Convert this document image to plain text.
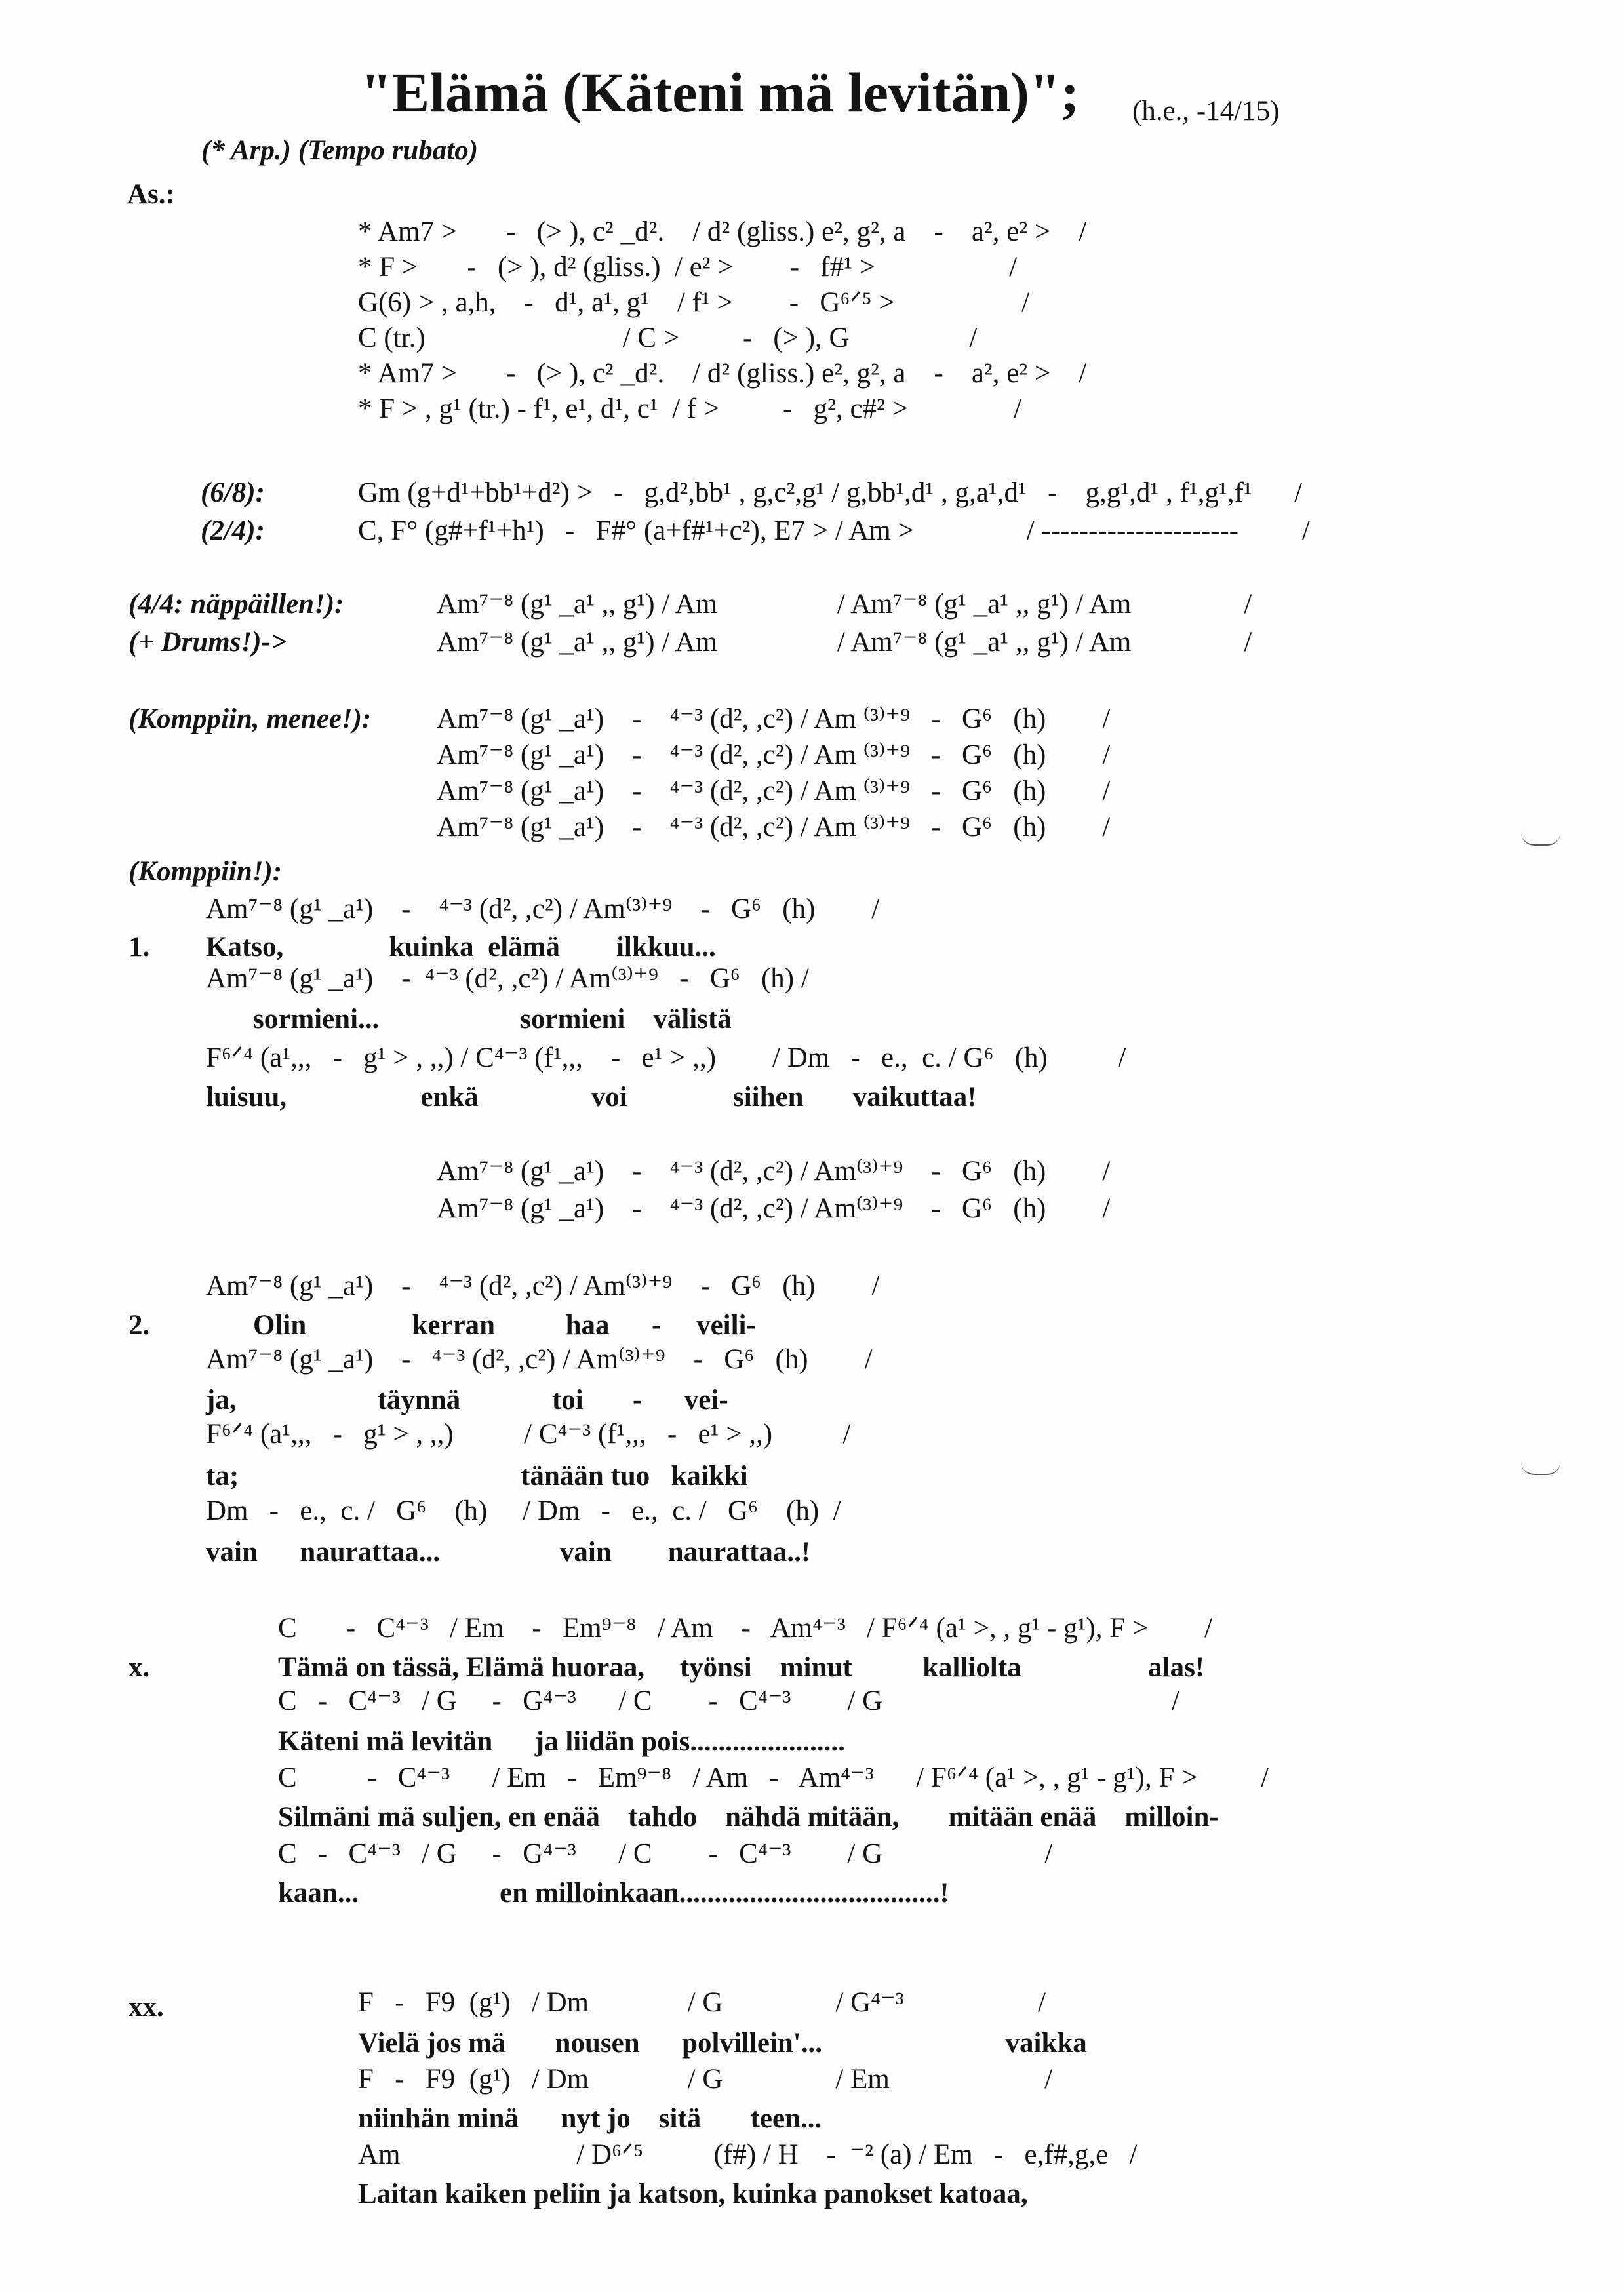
"Elämä (Käteni mä levitän)"; (h.e., -14/15)
(* Arp.) (Tempo rubato)
As.:
* Am7 >       -   (> ), c² _d².    / d² (gliss.) e², g², a    -    a², e² >    /
* F >       -   (> ), d² (gliss.)  / e² >        -   f#¹ >                   /
G(6) > , a,h,    -   d¹, a¹, g¹    / f¹ >        -   G⁶ᐟ⁵ >                  /
C (tr.)                            / C >         -   (> ), G                 /
* Am7 >       -   (> ), c² _d².    / d² (gliss.) e², g², a    -    a², e² >    /
* F > , g¹ (tr.) - f¹, e¹, d¹, c¹  / f >         -   g², c#² >               /
(6/8):	Gm (g+d¹+bb¹+d²) >   -   g,d²,bb¹ , g,c²,g¹ / g,bb¹,d¹ , g,a¹,d¹   -    g,g¹,d¹ , f¹,g¹,f¹      /
(2/4):	C, F° (g#+f¹+h¹)   -   F#° (a+f#¹+c²), E7 > / Am >                / ---------------------         /
(4/4: näppäillen!):	Am⁷⁻⁸ (g¹ _a¹ ,, g¹) / Am                 / Am⁷⁻⁸ (g¹ _a¹ ,, g¹) / Am                /
(+ Drums!)->	Am⁷⁻⁸ (g¹ _a¹ ,, g¹) / Am                 / Am⁷⁻⁸ (g¹ _a¹ ,, g¹) / Am                /
(Komppiin, menee!): Am⁷⁻⁸ (g¹ _a¹)    -    ⁴⁻³ (d², ,c²) / Am ⁽³⁾⁺⁹   -   G⁶   (h)        /
Am⁷⁻⁸ (g¹ _a¹)    -    ⁴⁻³ (d², ,c²) / Am ⁽³⁾⁺⁹   -   G⁶   (h)        /
Am⁷⁻⁸ (g¹ _a¹)    -    ⁴⁻³ (d², ,c²) / Am ⁽³⁾⁺⁹   -   G⁶   (h)        /
Am⁷⁻⁸ (g¹ _a¹)    -    ⁴⁻³ (d², ,c²) / Am ⁽³⁾⁺⁹   -   G⁶   (h)        /
(Komppiin!):
1.
Am⁷⁻⁸ (g¹ _a¹)    -    ⁴⁻³ (d², ,c²) / Am⁽³⁾⁺⁹    -   G⁶   (h)        /
Katso,               kuinka  elämä        ilkkuu...
Am⁷⁻⁸ (g¹ _a¹)    -  ⁴⁻³ (d², ,c²) / Am⁽³⁾⁺⁹   -   G⁶   (h) /
sormieni...                    sormieni    välistä
F⁶ᐟ⁴ (a¹,,,   -   g¹ > , ,,) / C⁴⁻³ (f¹,,,    -   e¹ > ,,)        / Dm   -   e.,  c. / G⁶   (h)          /
luisuu,                   enkä                voi               siihen       vaikuttaa!
Am⁷⁻⁸ (g¹ _a¹)    -    ⁴⁻³ (d², ,c²) / Am⁽³⁾⁺⁹    -   G⁶   (h)        /
Am⁷⁻⁸ (g¹ _a¹)    -    ⁴⁻³ (d², ,c²) / Am⁽³⁾⁺⁹    -   G⁶   (h)        /
2.
Am⁷⁻⁸ (g¹ _a¹)    -    ⁴⁻³ (d², ,c²) / Am⁽³⁾⁺⁹    -   G⁶   (h)        /
Olin               kerran          haa      -     veili-
Am⁷⁻⁸ (g¹ _a¹)    -   ⁴⁻³ (d², ,c²) / Am⁽³⁾⁺⁹    -   G⁶   (h)        /
ja,                    täynnä             toi       -      vei-
F⁶ᐟ⁴ (a¹,,,   -   g¹ > , ,,)          / C⁴⁻³ (f¹,,,   -   e¹ > ,,)          /
ta;                                        tänään tuo   kaikki
Dm   -   e.,  c. /   G⁶    (h)     / Dm   -   e.,  c. /   G⁶    (h)  /
vain      naurattaa...                 vain        naurattaa..!
x.
C       -   C⁴⁻³   / Em    -   Em⁹⁻⁸   / Am    -   Am⁴⁻³   / F⁶ᐟ⁴ (a¹ >, , g¹ - g¹), F >        /
Tämä on tässä, Elämä huoraa,     työnsi    minut          kalliolta                  alas!
C   -   C⁴⁻³   / G     -   G⁴⁻³      / C        -   C⁴⁻³        / G                                         /
Käteni mä levitän      ja liidän pois......................
C          -   C⁴⁻³      / Em   -   Em⁹⁻⁸   / Am   -   Am⁴⁻³      / F⁶ᐟ⁴ (a¹ >, , g¹ - g¹), F >         /
Silmäni mä suljen, en enää    tahdo    nähdä mitään,       mitään enää    milloin-
C   -   C⁴⁻³   / G     -   G⁴⁻³      / C        -   C⁴⁻³        / G                       /
kaan...                    en milloinkaan.....................................!
xx.	F   -   F9  (g¹)   / Dm              / G                / G⁴⁻³                   /
Vielä jos mä       nousen      polvillein'...                          vaikka
F   -   F9  (g¹)   / Dm              / G                / Em                      /
niinhän minä      nyt jo    sitä       teen...
Am                         / D⁶ᐟ⁵          (f#) / H    -  ⁻² (a) / Em   -   e,f#,g,e   /
Laitan kaiken peliin ja katson, kuinka panokset katoaa,
